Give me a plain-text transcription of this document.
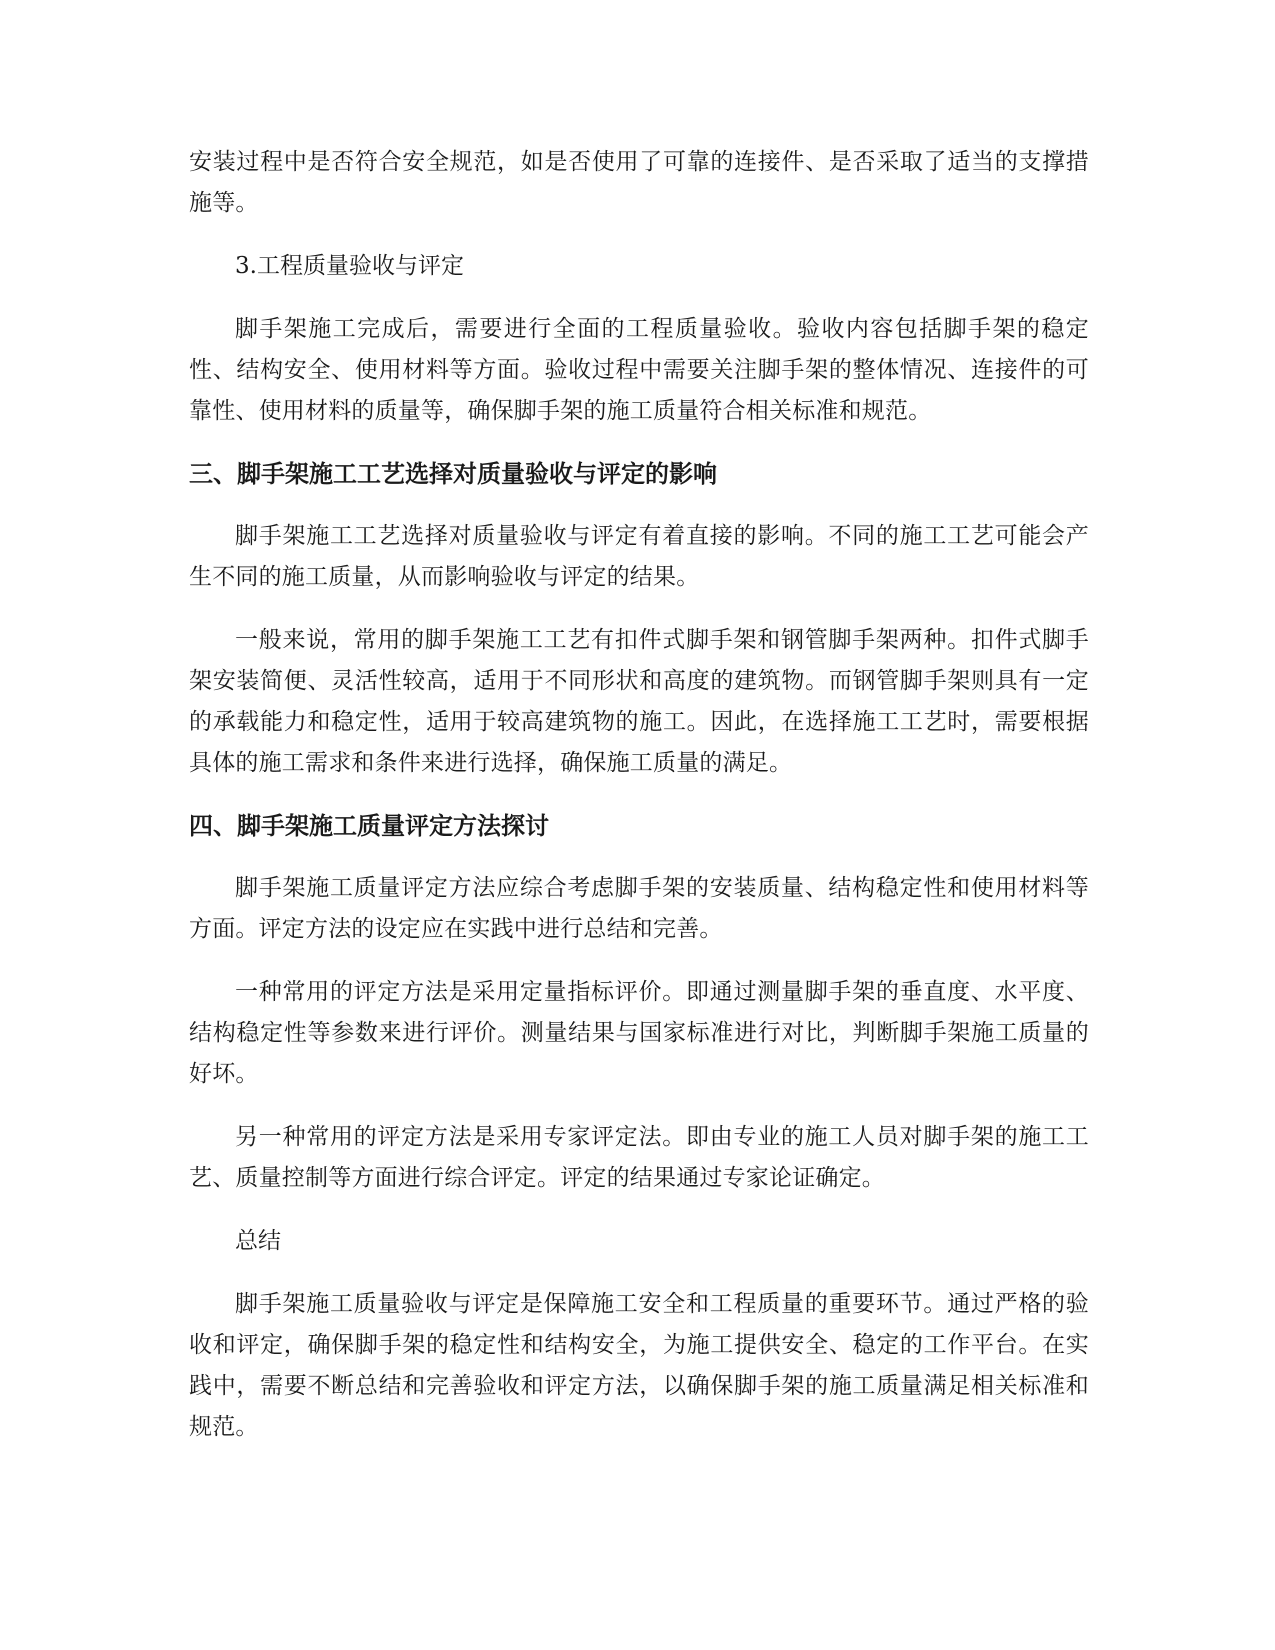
安装过程中是否符合安全规范，如是否使用了可靠的连接件、是否采取了适当的支撑措施等。

3.工程质量验收与评定

脚手架施工完成后，需要进行全面的工程质量验收。验收内容包括脚手架的稳定性、结构安全、使用材料等方面。验收过程中需要关注脚手架的整体情况、连接件的可靠性、使用材料的质量等，确保脚手架的施工质量符合相关标准和规范。

三、脚手架施工工艺选择对质量验收与评定的影响

脚手架施工工艺选择对质量验收与评定有着直接的影响。不同的施工工艺可能会产生不同的施工质量，从而影响验收与评定的结果。

一般来说，常用的脚手架施工工艺有扣件式脚手架和钢管脚手架两种。扣件式脚手架安装简便、灵活性较高，适用于不同形状和高度的建筑物。而钢管脚手架则具有一定的承载能力和稳定性，适用于较高建筑物的施工。因此，在选择施工工艺时，需要根据具体的施工需求和条件来进行选择，确保施工质量的满足。

四、脚手架施工质量评定方法探讨

脚手架施工质量评定方法应综合考虑脚手架的安装质量、结构稳定性和使用材料等方面。评定方法的设定应在实践中进行总结和完善。

一种常用的评定方法是采用定量指标评价。即通过测量脚手架的垂直度、水平度、结构稳定性等参数来进行评价。测量结果与国家标准进行对比，判断脚手架施工质量的好坏。

另一种常用的评定方法是采用专家评定法。即由专业的施工人员对脚手架的施工工艺、质量控制等方面进行综合评定。评定的结果通过专家论证确定。

总结

脚手架施工质量验收与评定是保障施工安全和工程质量的重要环节。通过严格的验收和评定，确保脚手架的稳定性和结构安全，为施工提供安全、稳定的工作平台。在实践中，需要不断总结和完善验收和评定方法，以确保脚手架的施工质量满足相关标准和规范。
